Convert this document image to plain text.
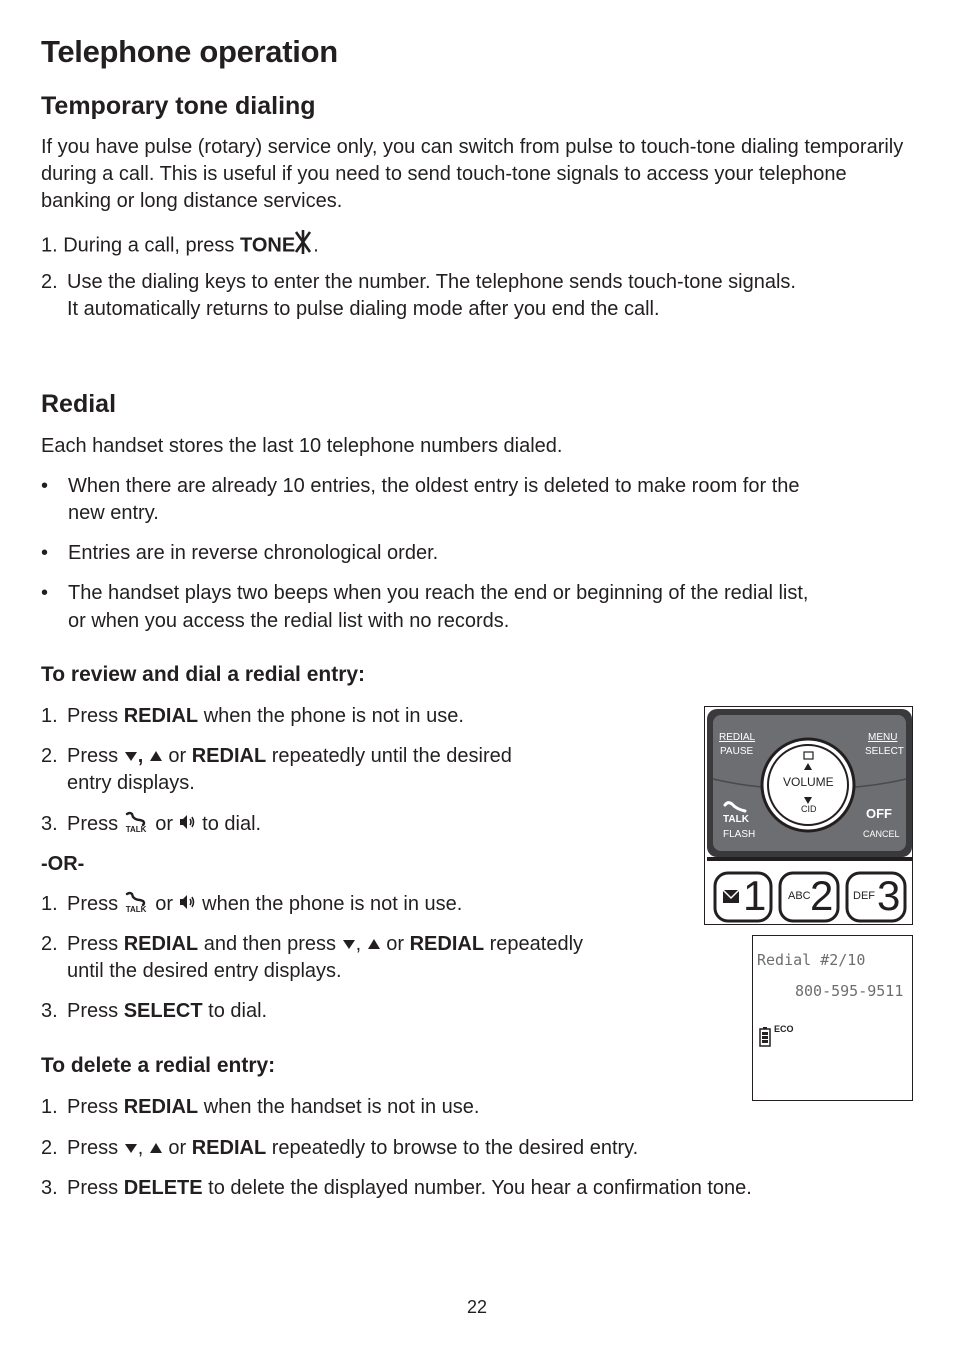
Telephone operation
Temporary tone dialing

If you have pulse (rotary) service only, you can switch from pulse to touch-tone dialing temporarily during a call. This is useful if you need to send touch-tone signals to access your telephone banking or long distance services.

1. During a call, press TONE .
2. Use the dialing keys to enter the number. The telephone sends touch-tone signals.
It automatically returns to pulse dialing mode after you end the call.
Redial

Each handset stores the last 10 telephone numbers dialed.

• When there are already 10 entries, the oldest entry is deleted to make room for the
new entry.
• Entries are in reverse chronological order.
• The handset plays two beeps when you reach the end or beginning of the redial list,
or when you access the redial list with no records.
To review and dial a redial entry:
1. Press REDIAL when the phone is not in use.
2. Press ,  or REDIAL repeatedly until the desired
entry displays.
3. Press TALK or  to dial.
-OR-
1. Press TALK or  when the phone is not in use.
2. Press REDIAL and then press ,  or REDIAL repeatedly
until the desired entry displays.
3. Press SELECT to dial.
To delete a redial entry:
1. Press REDIAL when the handset is not in use.
2. Press ,  or REDIAL repeatedly to browse to the desired entry.
3. Press DELETE to delete the displayed number. You hear a confirmation tone.
REDIAL
PAUSE
MENU
SELECT
VOLUME
CID
TALK
FLASH
OFF
CANCEL
1 ABC 2 DEF 3
Redial #2/10
800-595-9511
ECO
22
